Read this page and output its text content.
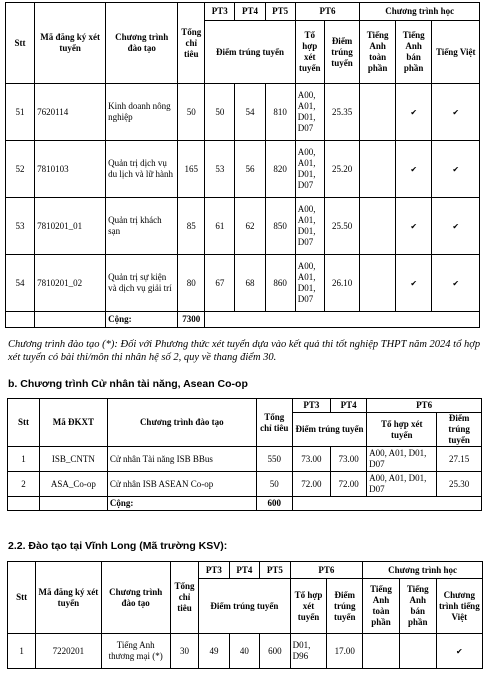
Stt	Mã đăng ký xét tuyển	Chương trình đào tạo	Tổng chỉ tiêu	PT3	PT4	PT5	PT6		Chương trình học		
				Điểm trúng tuyển			Tổ hợp xét tuyển	Điểm trúng tuyển	Tiếng Anh toàn phần	Tiếng Anh bán phần	Tiếng Việt

51	7620114	Kinh doanh nông nghiệp	50	50	54	810	A00, A01, D01, D07	25.35		✔	✔
52	7810103	Quản trị dịch vụ du lịch và lữ hành	165	53	56	820	A00, A01, D01, D07	25.20		✔	✔
53	7810201_01	Quản trị khách sạn	85	61	62	850	A00, A01, D01, D07	25.50		✔	✔
54	7810201_02	Quản trị sự kiện và dịch vụ giải trí	80	67	68	860	A00, A01, D01, D07	26.10		✔	✔
		Cộng:	7300								
Chương trình đào tạo (*): Đối với Phương thức xét tuyển dựa vào kết quả thi tốt nghiệp THPT năm 2024 tổ hợp xét tuyển có bài thi/môn thi nhân hệ số 2, quy về thang điểm 30.
b. Chương trình Cử nhân tài năng, Asean Co-op
Stt	Mã ĐKXT	Chương trình đào tạo	Tổng chỉ tiêu	PT3	PT4	PT6	
				Điểm trúng tuyển		Tổ hợp xét tuyển	Điểm trúng tuyển

1	ISB_CNTN	Cử nhân Tài năng ISB BBus	550	73.00	73.00	A00, A01, D01, D07	27.15
2	ASA_Co-op	Cử nhân ISB ASEAN Co-op	50	72.00	72.00	A00, A01, D01, D07	25.30
		Cộng:	600				
2.2. Đào tạo tại Vĩnh Long (Mã trường KSV):
Stt	Mã đăng ký xét tuyển	Chương trình đào tạo	Tổng chỉ tiêu	PT3	PT4	PT5	PT6		Chương trình học		
				Điểm trúng tuyển			Tổ hợp xét tuyển	Điểm trúng tuyển	Tiếng Anh toàn phần	Tiếng Anh bán phần	Chương trình tiếng Việt

1	7220201	Tiếng Anh thương mại (*)	30	49	40	600	D01, D96	17.00			✔
